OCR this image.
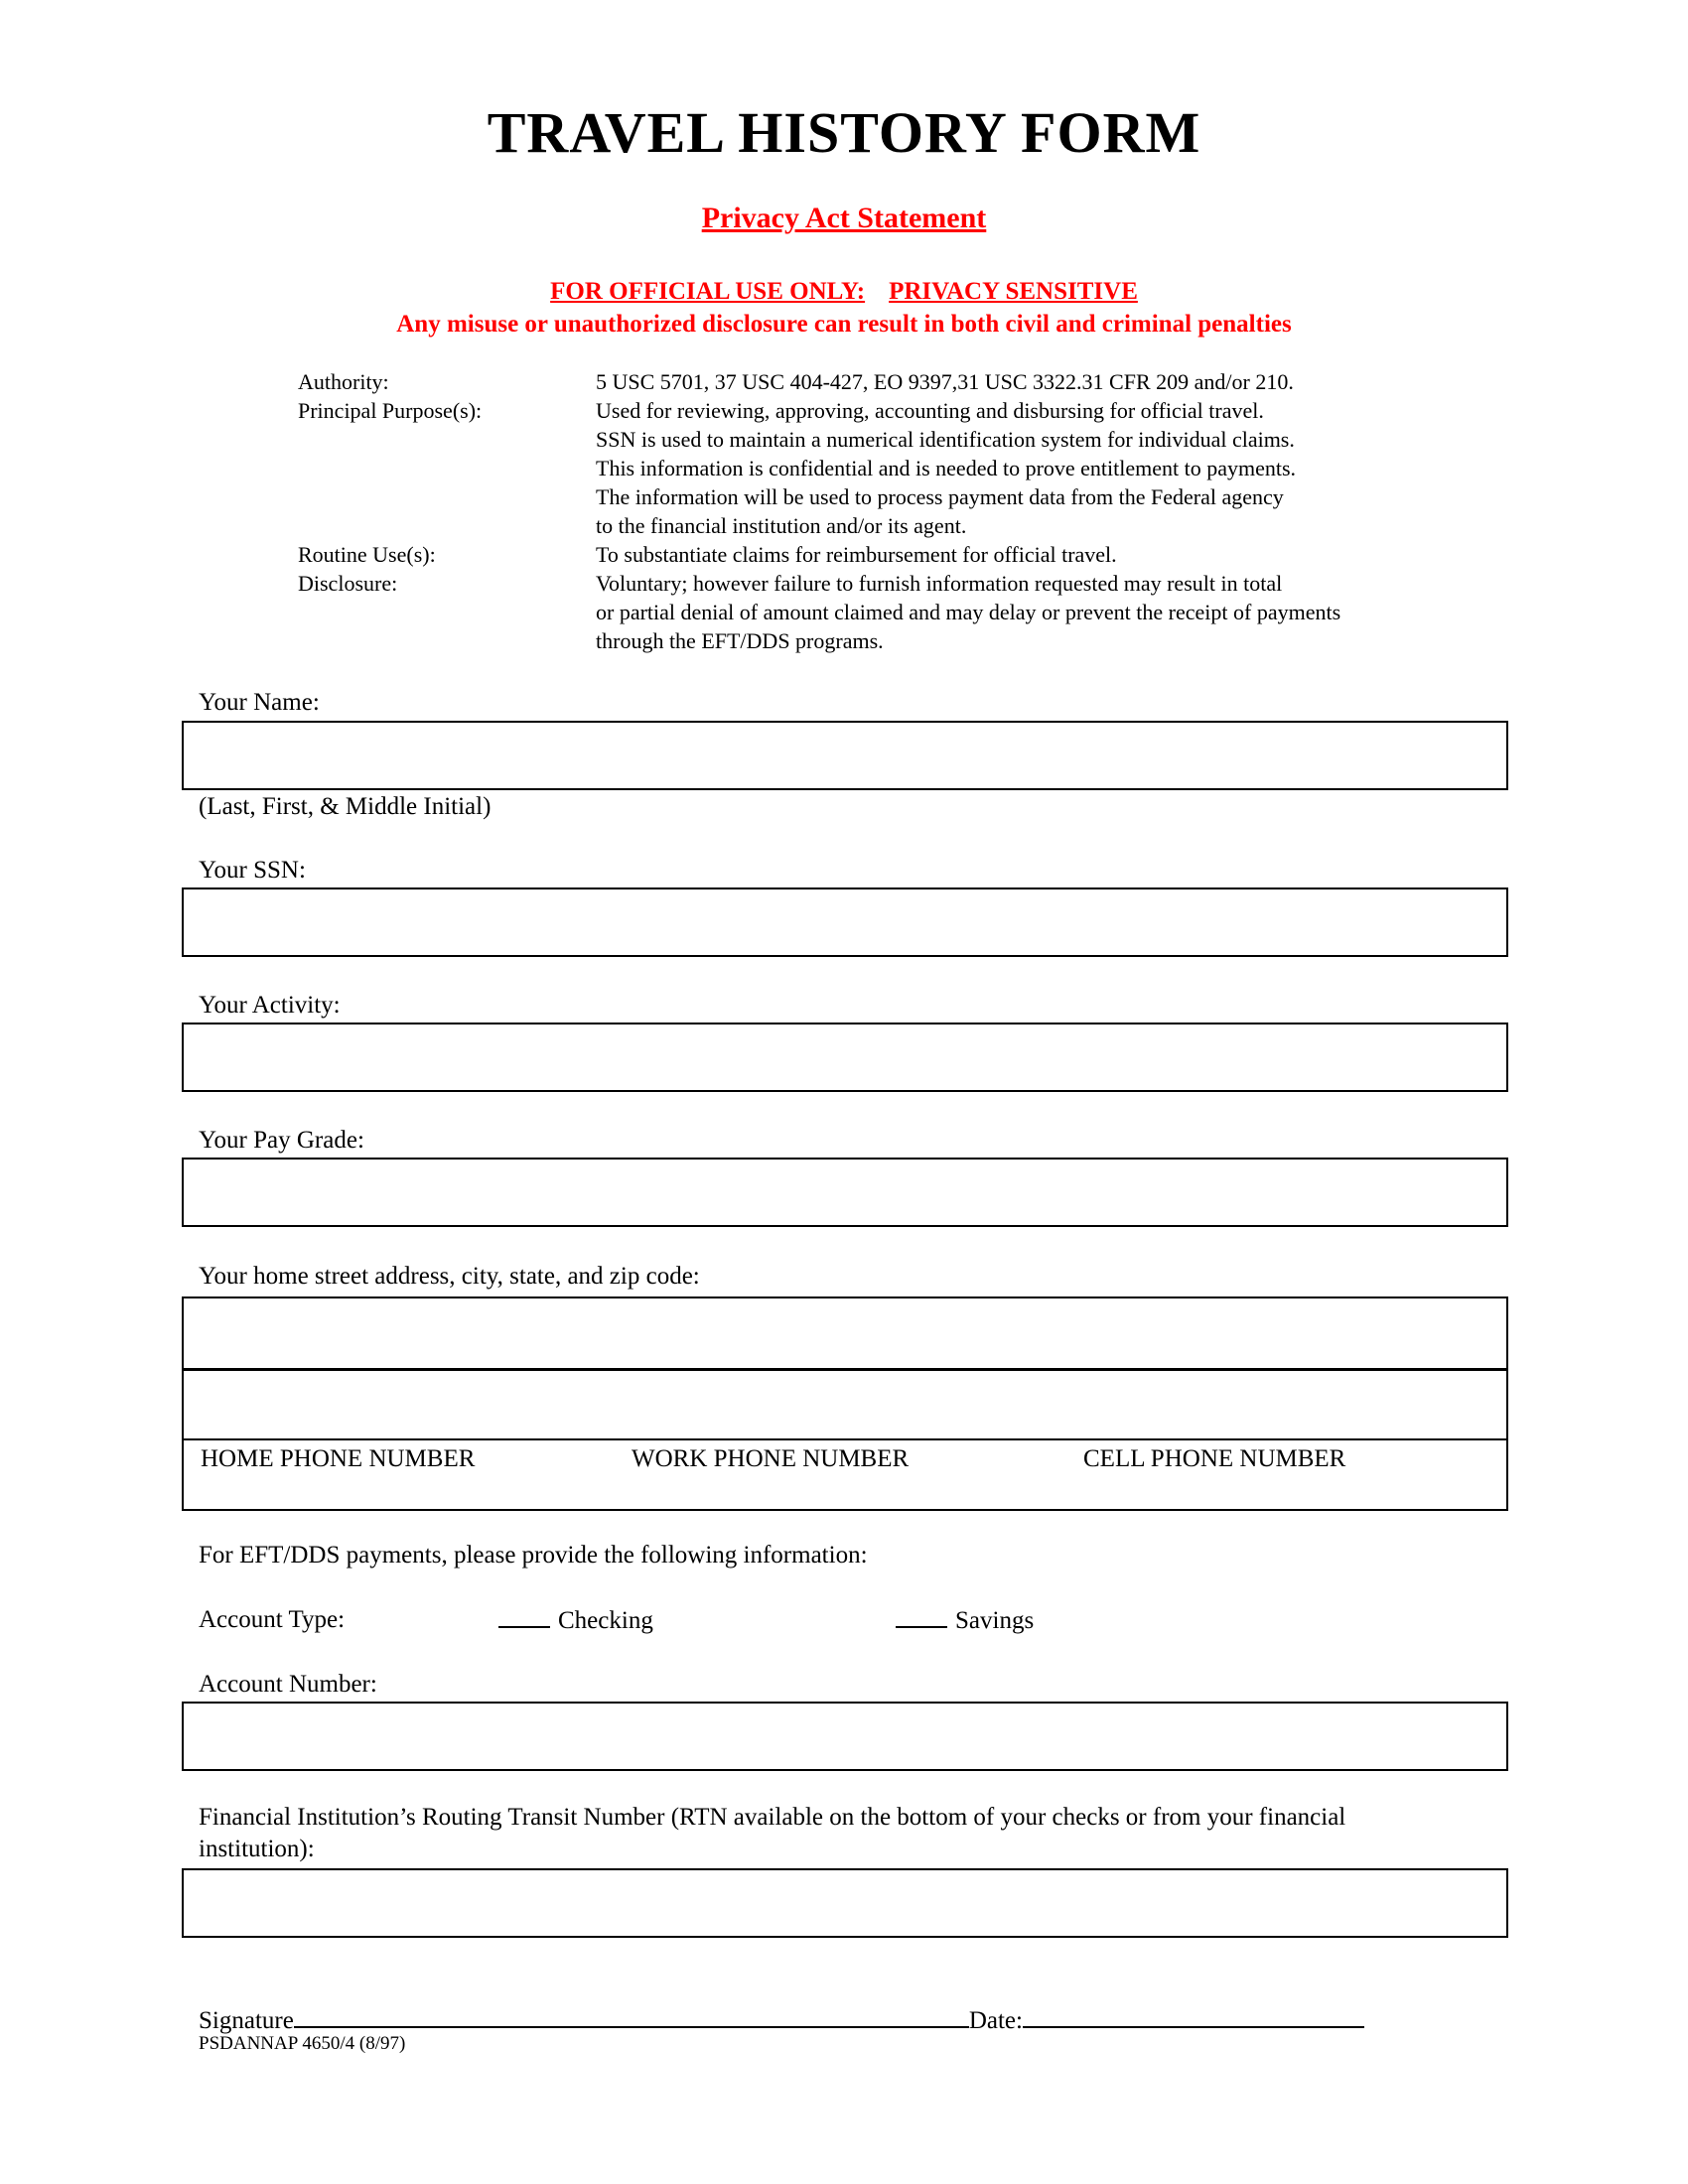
TRAVEL HISTORY FORM
Privacy Act Statement
FOR OFFICIAL USE ONLY: PRIVACY SENSITIVE
Any misuse or unauthorized disclosure can result in both civil and criminal penalties
Authority:	5 USC 5701, 37 USC 404-427, EO 9397,31 USC 3322.31 CFR 209 and/or 210.
Principal Purpose(s):	Used for reviewing, approving, accounting and disbursing for official travel.
SSN is used to maintain a numerical identification system for individual claims.
This information is confidential and is needed to prove entitlement to payments.
The information will be used to process payment data from the Federal agency
to the financial institution and/or its agent.
Routine Use(s):	To substantiate claims for reimbursement for official travel.
Disclosure:	Voluntary; however failure to furnish information requested may result in total
or partial denial of amount claimed and may delay or prevent the receipt of payments
through the EFT/DDS programs.
Your Name:
(Last, First, & Middle Initial)
Your SSN:
Your Activity:
Your Pay Grade:
Your home street address, city, state, and zip code:
HOME PHONE NUMBER	WORK PHONE NUMBER	CELL PHONE NUMBER
For EFT/DDS payments, please provide the following information:
Account Type:	Checking	Savings
Account Number:
Financial Institution’s Routing Transit Number (RTN available on the bottom of your checks or from your financial
institution):
Signature	Date:
PSDANNAP 4650/4 (8/97)
